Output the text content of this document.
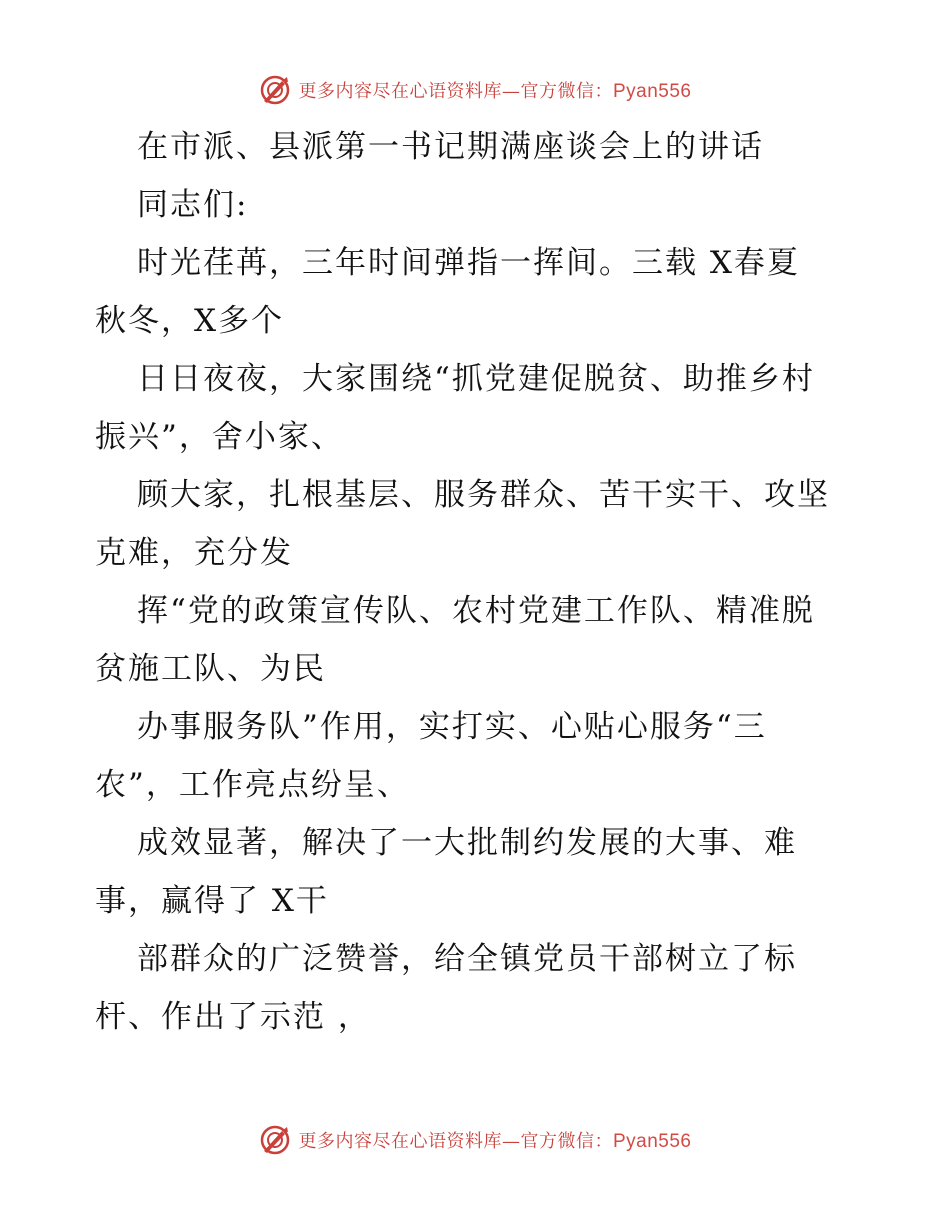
更多内容尽在心语资料库—官方微信：Pyan556
在市派、县派第一书记期满座谈会上的讲话
同志们:
时光荏苒，三年时间弹指一挥间。三载 X春夏
秋冬，X多个
日日夜夜，大家围绕“抓党建促脱贫、助推乡村
振兴”，舍小家、
顾大家，扎根基层、服务群众、苦干实干、攻坚
克难，充分发
挥“党的政策宣传队、农村党建工作队、精准脱
贫施工队、为民
办事服务队”作用，实打实、心贴心服务“三
农”，工作亮点纷呈、
成效显著，解决了一大批制约发展的大事、难
事，赢得了 X干
部群众的广泛赞誉，给全镇党员干部树立了标
杆、作出了示范 ，
更多内容尽在心语资料库—官方微信：Pyan556
